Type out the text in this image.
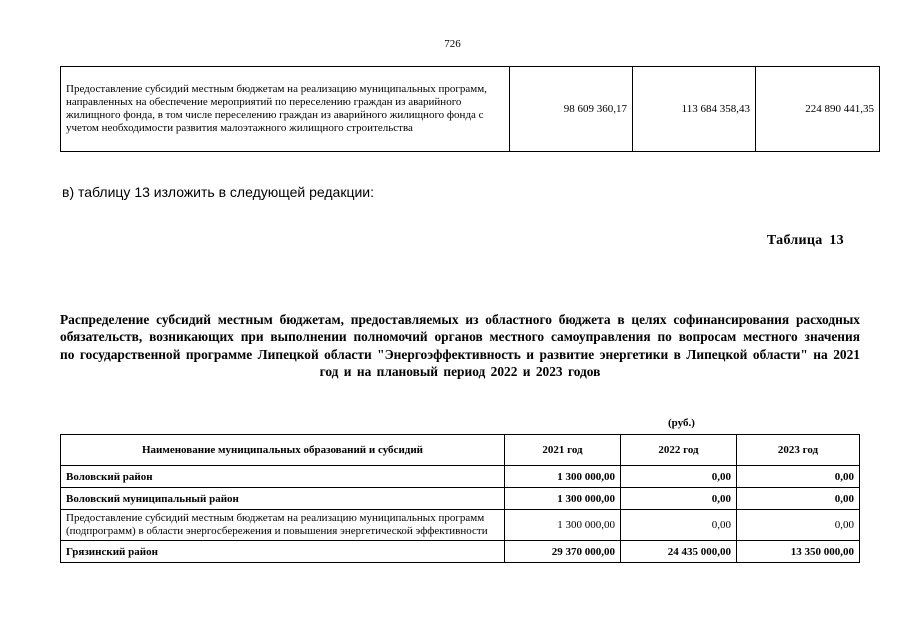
726
Предоставление субсидий местным бюджетам на реализацию муниципальных программ, направленных на обеспечение мероприятий по переселению граждан из аварийного жилищного фонда, в том числе переселению граждан из аварийного жилищного фонда с учетом необходимости развития малоэтажного жилищного строительства	98 609 360,17	113 684 358,43	224 890 441,35
в) таблицу 13 изложить в следующей редакции:
Таблица 13
Распределение субсидий местным бюджетам, предоставляемых из областного бюджета в целях софинансирования расходных обязательств, возникающих при выполнении полномочий органов местного самоуправления по вопросам местного значения по государственной программе Липецкой области "Энергоэффективность и развитие энергетики в Липецкой области" на 2021 год и на плановый период 2022 и 2023 годов
(руб.)
Наименование муниципальных образований и субсидий	2021 год	2022 год	2023 год
Воловский район	1 300 000,00	0,00	0,00
Воловский муниципальный район	1 300 000,00	0,00	0,00
Предоставление субсидий местным бюджетам на реализацию муниципальных программ (подпрограмм) в области энергосбережения и повышения энергетической эффективности	1 300 000,00	0,00	0,00
Грязинский район	29 370 000,00	24 435 000,00	13 350 000,00
